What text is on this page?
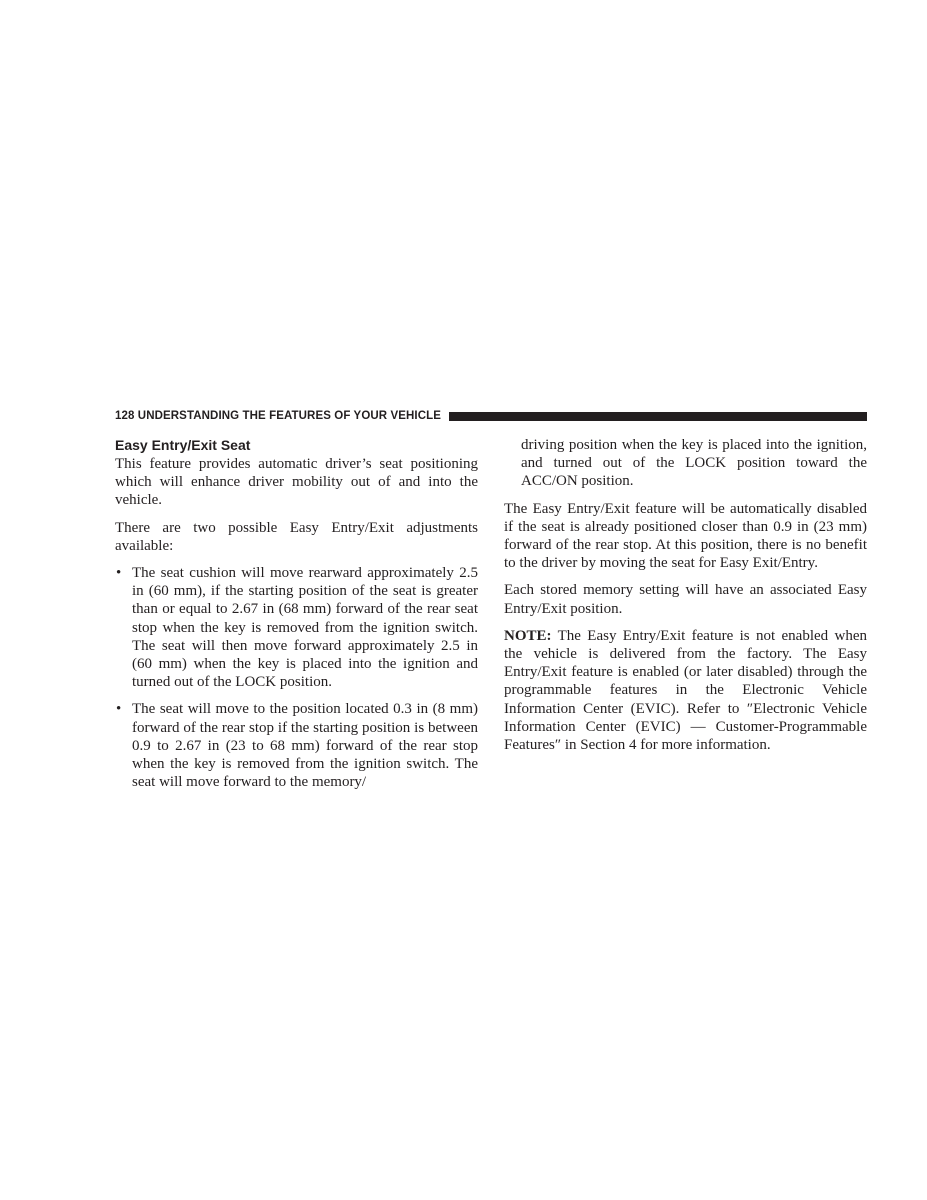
128 UNDERSTANDING THE FEATURES OF YOUR VEHICLE
Easy Entry/Exit Seat

This feature provides automatic driver’s seat positioning which will enhance driver mobility out of and into the vehicle.

There are two possible Easy Entry/Exit adjustments available:

• The seat cushion will move rearward approximately 2.5 in (60 mm), if the starting position of the seat is greater than or equal to 2.67 in (68 mm) forward of the rear seat stop when the key is removed from the ignition switch. The seat will then move forward approximately 2.5 in (60 mm) when the key is placed into the ignition and turned out of the LOCK position.
• The seat will move to the position located 0.3 in (8 mm) forward of the rear stop if the starting position is between 0.9 to 2.67 in (23 to 68 mm) forward of the rear stop when the key is removed from the ignition switch. The seat will move forward to the memory/

driving position when the key is placed into the ignition, and turned out of the LOCK position toward the ACC/ON position.

The Easy Entry/Exit feature will be automatically disabled if the seat is already positioned closer than 0.9 in (23 mm) forward of the rear stop. At this position, there is no benefit to the driver by moving the seat for Easy Exit/Entry.

Each stored memory setting will have an associated Easy Entry/Exit position.

NOTE: The Easy Entry/Exit feature is not enabled when the vehicle is delivered from the factory. The Easy Entry/Exit feature is enabled (or later disabled) through the programmable features in the Electronic Vehicle Information Center (EVIC). Refer to ″Electronic Vehicle Information Center (EVIC) — Customer-Programmable Features″ in Section 4 for more information.
